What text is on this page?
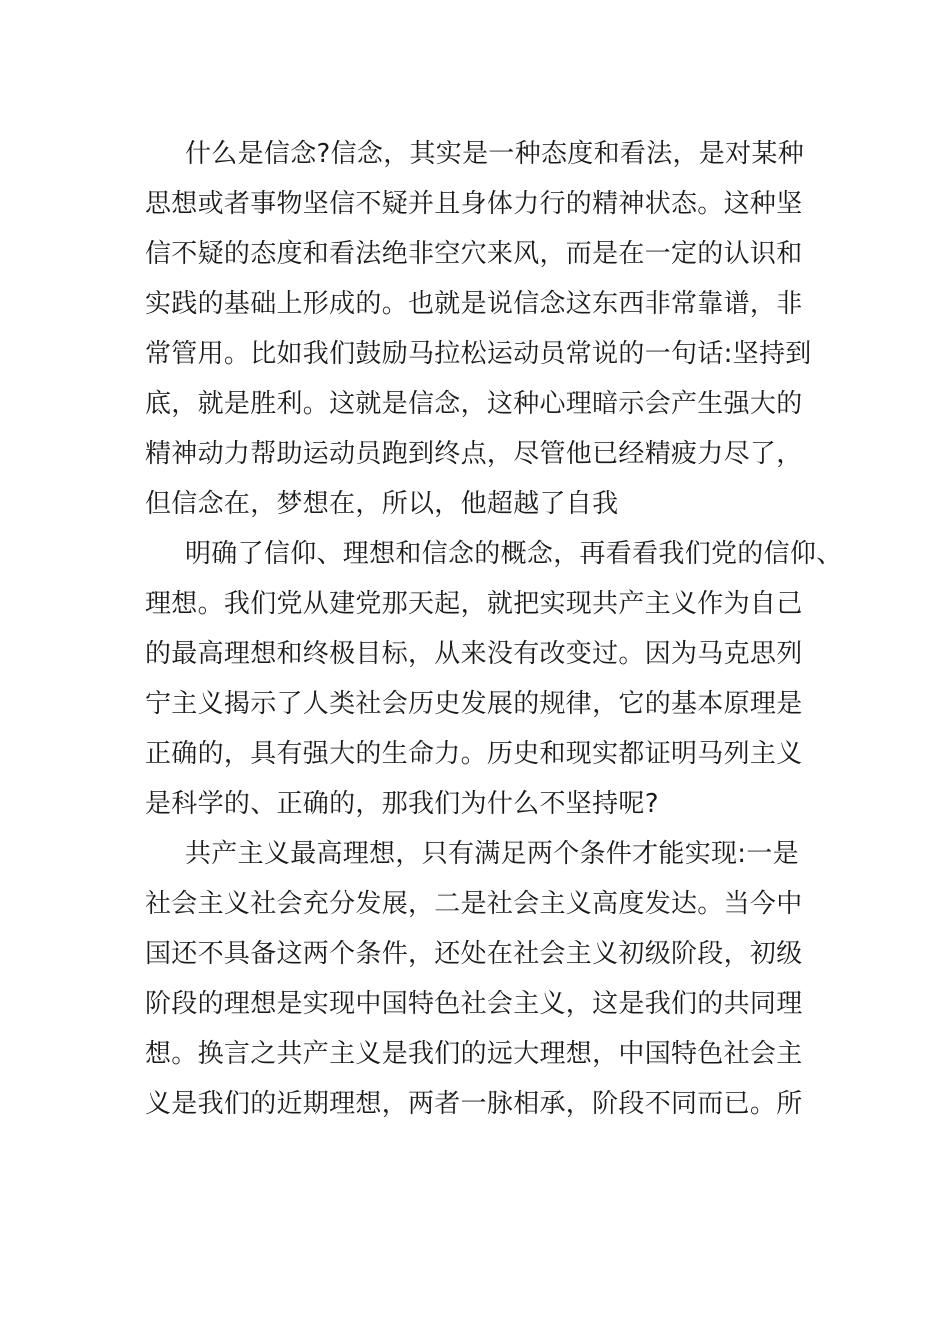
什么是信念?信念，其实是一种态度和看法，是对某种
思想或者事物坚信不疑并且身体力行的精神状态。这种坚
信不疑的态度和看法绝非空穴来风，而是在一定的认识和
实践的基础上形成的。也就是说信念这东西非常靠谱，非
常管用。比如我们鼓励马拉松运动员常说的一句话:坚持到
底，就是胜利。这就是信念，这种心理暗示会产生强大的
精神动力帮助运动员跑到终点，尽管他已经精疲力尽了，
但信念在，梦想在，所以，他超越了自我
明确了信仰、理想和信念的概念，再看看我们党的信仰、
理想。我们党从建党那天起，就把实现共产主义作为自己
的最高理想和终极目标，从来没有改变过。因为马克思列
宁主义揭示了人类社会历史发展的规律，它的基本原理是
正确的，具有强大的生命力。历史和现实都证明马列主义
是科学的、正确的，那我们为什么不坚持呢?
共产主义最高理想，只有满足两个条件才能实现:一是
社会主义社会充分发展，二是社会主义高度发达。当今中
国还不具备这两个条件，还处在社会主义初级阶段，初级
阶段的理想是实现中国特色社会主义，这是我们的共同理
想。换言之共产主义是我们的远大理想，中国特色社会主
义是我们的近期理想，两者一脉相承，阶段不同而已。所
